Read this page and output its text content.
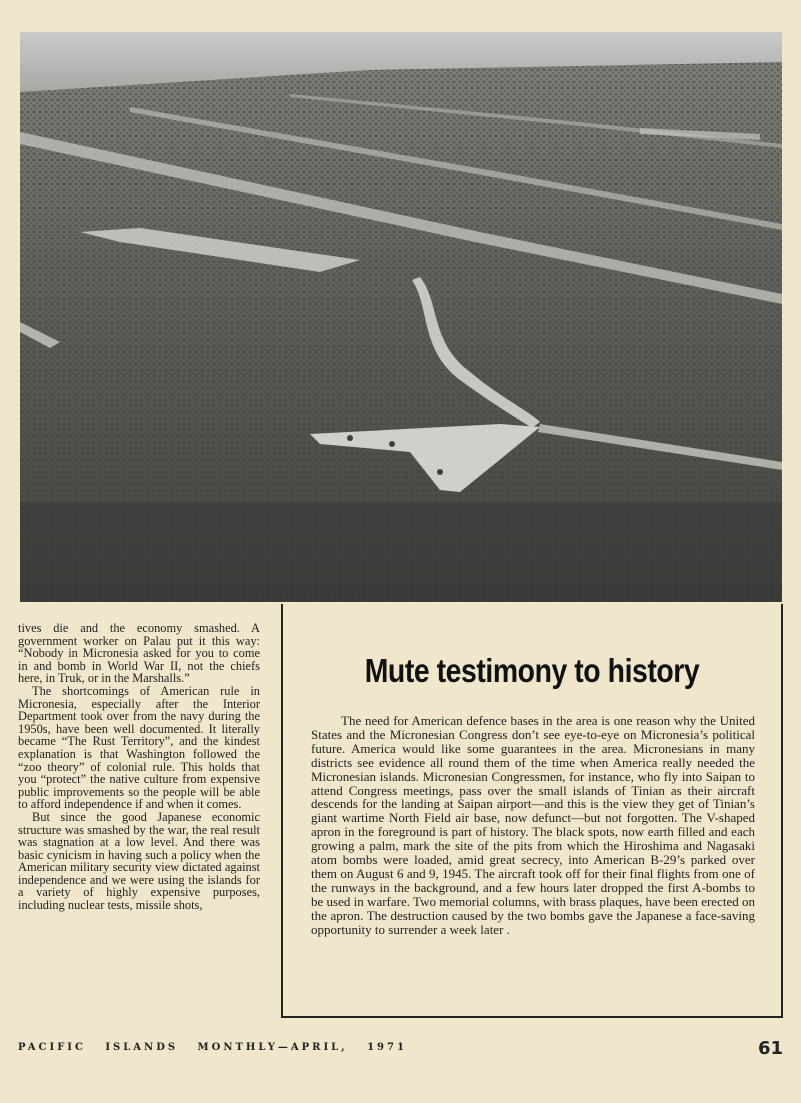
tives die and the economy smashed. A government worker on Palau put it this way: “Nobody in Micronesia asked for you to come in and bomb in World War II, not the chiefs here, in Truk, or in the Marshalls.”

The shortcomings of American rule in Micronesia, especially after the Interior Department took over from the navy during the 1950s, have been well documented. It literally became “The Rust Territory”, and the kindest explanation is that Washington followed the “zoo theory” of colonial rule. This holds that you “protect” the native culture from expensive public improvements so the people will be able to afford independence if and when it comes.

But since the good Japanese economic structure was smashed by the war, the real result was stagnation at a low level. And there was basic cynicism in having such a policy when the American military security view dictated against independence and we were using the islands for a variety of highly expensive purposes, including nuclear tests, missile shots,

Mute testimony to history
The need for American defence bases in the area is one reason why the United States and the Micronesian Congress don’t see eye-to-eye on Micronesia’s political future. America would like some guarantees in the area. Micronesians in many districts see evidence all round them of the time when America really needed the Micronesian islands. Micronesian Congressmen, for instance, who fly into Saipan to attend Congress meetings, pass over the small islands of Tinian as their aircraft descends for the landing at Saipan airport—and this is the view they get of Tinian’s giant wartime North Field air base, now defunct—but not forgotten. The V-shaped apron in the foreground is part of history. The black spots, now earth filled and each growing a palm, mark the site of the pits from which the Hiroshima and Nagasaki atom bombs were loaded, amid great secrecy, into American B-29’s parked over them on August 6 and 9, 1945. The aircraft took off for their final flights from one of the runways in the background, and a few hours later dropped the first A-bombs to be used in warfare. Two memorial columns, with brass plaques, have been erected on the apron. The destruction caused by the two bombs gave the Japanese a face-saving opportunity to surrender a week later .
PACIFIC   ISLANDS   MONTHLY—APRIL,   1971	61
